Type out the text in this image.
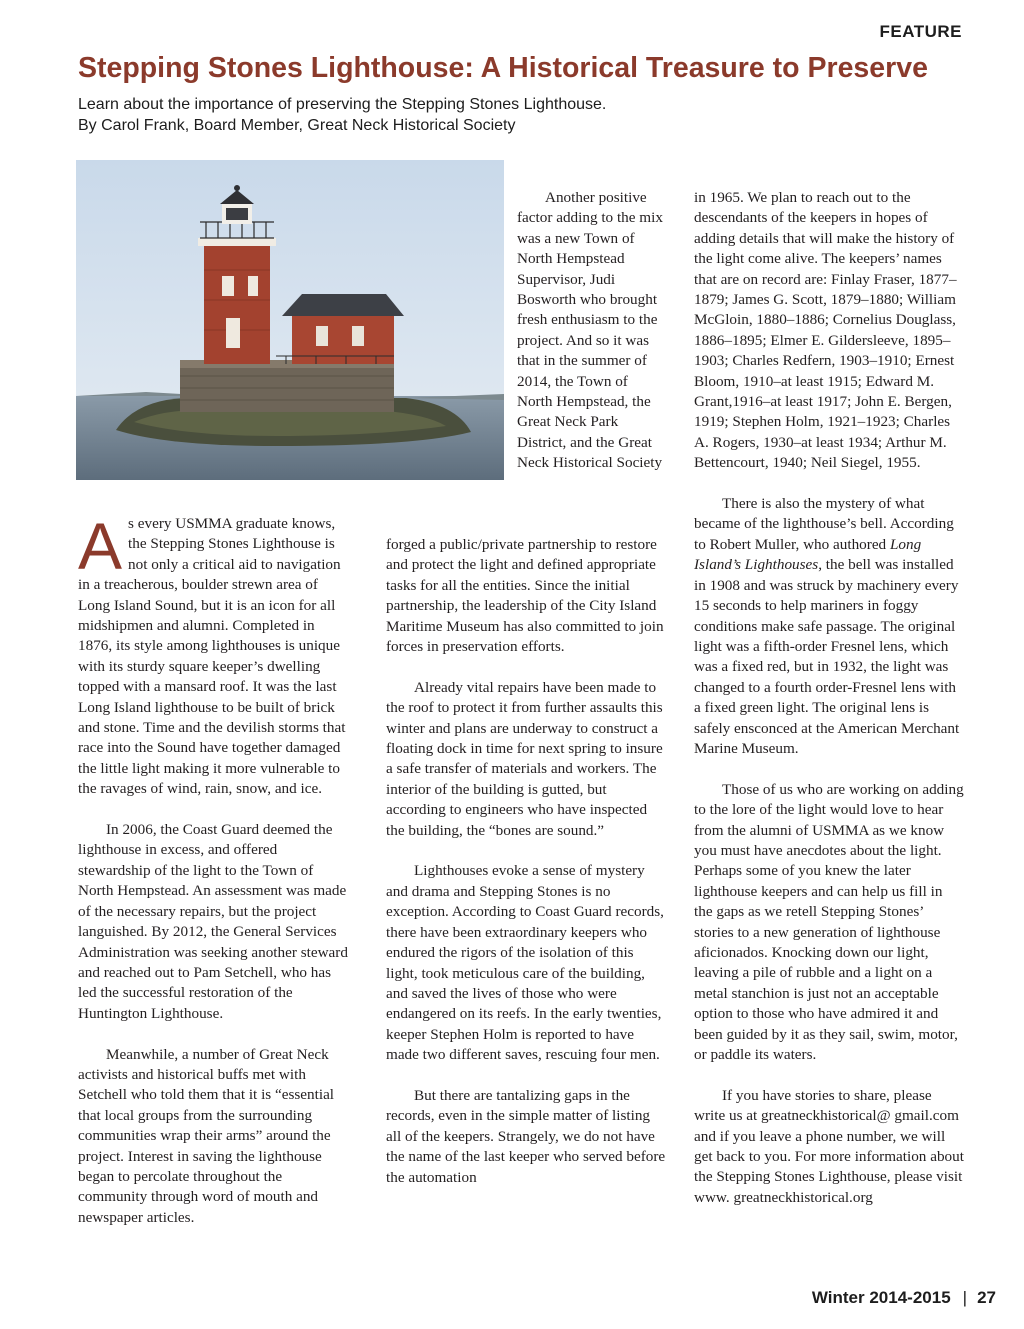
FEATURE
Stepping Stones Lighthouse: A Historical Treasure to Preserve
Learn about the importance of preserving the Stepping Stones Lighthouse.
By Carol Frank, Board Member, Great Neck Historical Society
A s every USMMA graduate knows, the Stepping Stones Lighthouse is not only a critical aid to navigation in a treacherous, boulder strewn area of Long Island Sound, but it is an icon for all midshipmen and alumni. Completed in 1876, its style among lighthouses is unique with its sturdy square keeper’s dwelling topped with a mansard roof. It was the last Long Island lighthouse to be built of brick and stone. Time and the devilish storms that race into the Sound have together damaged the little light making it more vulnerable to the ravages of wind, rain, snow, and ice.

In 2006, the Coast Guard deemed the lighthouse in excess, and offered stewardship of the light to the Town of North Hempstead. An assessment was made of the necessary repairs, but the project languished. By 2012, the General Services Administration was seeking another steward and reached out to Pam Setchell, who has led the successful restoration of the Huntington Lighthouse.

Meanwhile, a number of Great Neck activists and historical buffs met with Setchell who told them that it is “essential that local groups from the surrounding communities wrap their arms” around the project. Interest in saving the lighthouse began to percolate throughout the community through word of mouth and newspaper articles.

Another positive factor adding to the mix was a new Town of North Hempstead Supervisor, Judi Bosworth who brought fresh enthusiasm to the project. And so it was that in the summer of 2014, the Town of North Hempstead, the Great Neck Park District, and the Great Neck Historical Society

forged a public/private partnership to restore and protect the light and defined appropriate tasks for all the entities. Since the initial partnership, the leadership of the City Island Maritime Museum has also committed to join forces in preservation efforts.

Already vital repairs have been made to the roof to protect it from further assaults this winter and plans are underway to construct a floating dock in time for next spring to insure a safe transfer of materials and workers. The interior of the building is gutted, but according to engineers who have inspected the building, the “bones are sound.”

Lighthouses evoke a sense of mystery and drama and Stepping Stones is no exception. According to Coast Guard records, there have been extraordinary keepers who endured the rigors of the isolation of this light, took meticulous care of the building, and saved the lives of those who were endangered on its reefs. In the early twenties, keeper Stephen Holm is reported to have made two different saves, rescuing four men.

But there are tantalizing gaps in the records, even in the simple matter of listing all of the keepers. Strangely, we do not have the name of the last keeper who served before the automation

in 1965. We plan to reach out to the descendants of the keepers in hopes of adding details that will make the history of the light come alive. The keepers’ names that are on record are: Finlay Fraser, 1877–1879; James G. Scott, 1879–1880; William McGloin, 1880–1886; Cornelius Douglass, 1886–1895; Elmer E. Gildersleeve, 1895–1903; Charles Redfern, 1903–1910; Ernest Bloom, 1910–at least 1915; Edward M. Grant,1916–at least 1917; John E. Bergen, 1919; Stephen Holm, 1921–1923; Charles A. Rogers, 1930–at least 1934; Arthur M. Bettencourt, 1940; Neil Siegel, 1955.

There is also the mystery of what became of the lighthouse’s bell. According to Robert Muller, who authored Long Island’s Lighthouses, the bell was installed in 1908 and was struck by machinery every 15 seconds to help mariners in foggy conditions make safe passage. The original light was a fifth-order Fresnel lens, which was a fixed red, but in 1932, the light was changed to a fourth order-Fresnel lens with a fixed green light. The original lens is safely ensconced at the American Merchant Marine Museum.

Those of us who are working on adding to the lore of the light would love to hear from the alumni of USMMA as we know you must have anecdotes about the light. Perhaps some of you knew the later lighthouse keepers and can help us fill in the gaps as we retell Stepping Stones’ stories to a new generation of lighthouse aficionados. Knocking down our light, leaving a pile of rubble and a light on a metal stanchion is just not an acceptable option to those who have admired it and been guided by it as they sail, swim, motor, or paddle its waters.

If you have stories to share, please write us at greatneckhistorical@ gmail.com and if you leave a phone number, we will get back to you. For more information about the Stepping Stones Lighthouse, please visit www. greatneckhistorical.org

Winter 2014-2015 | 27
